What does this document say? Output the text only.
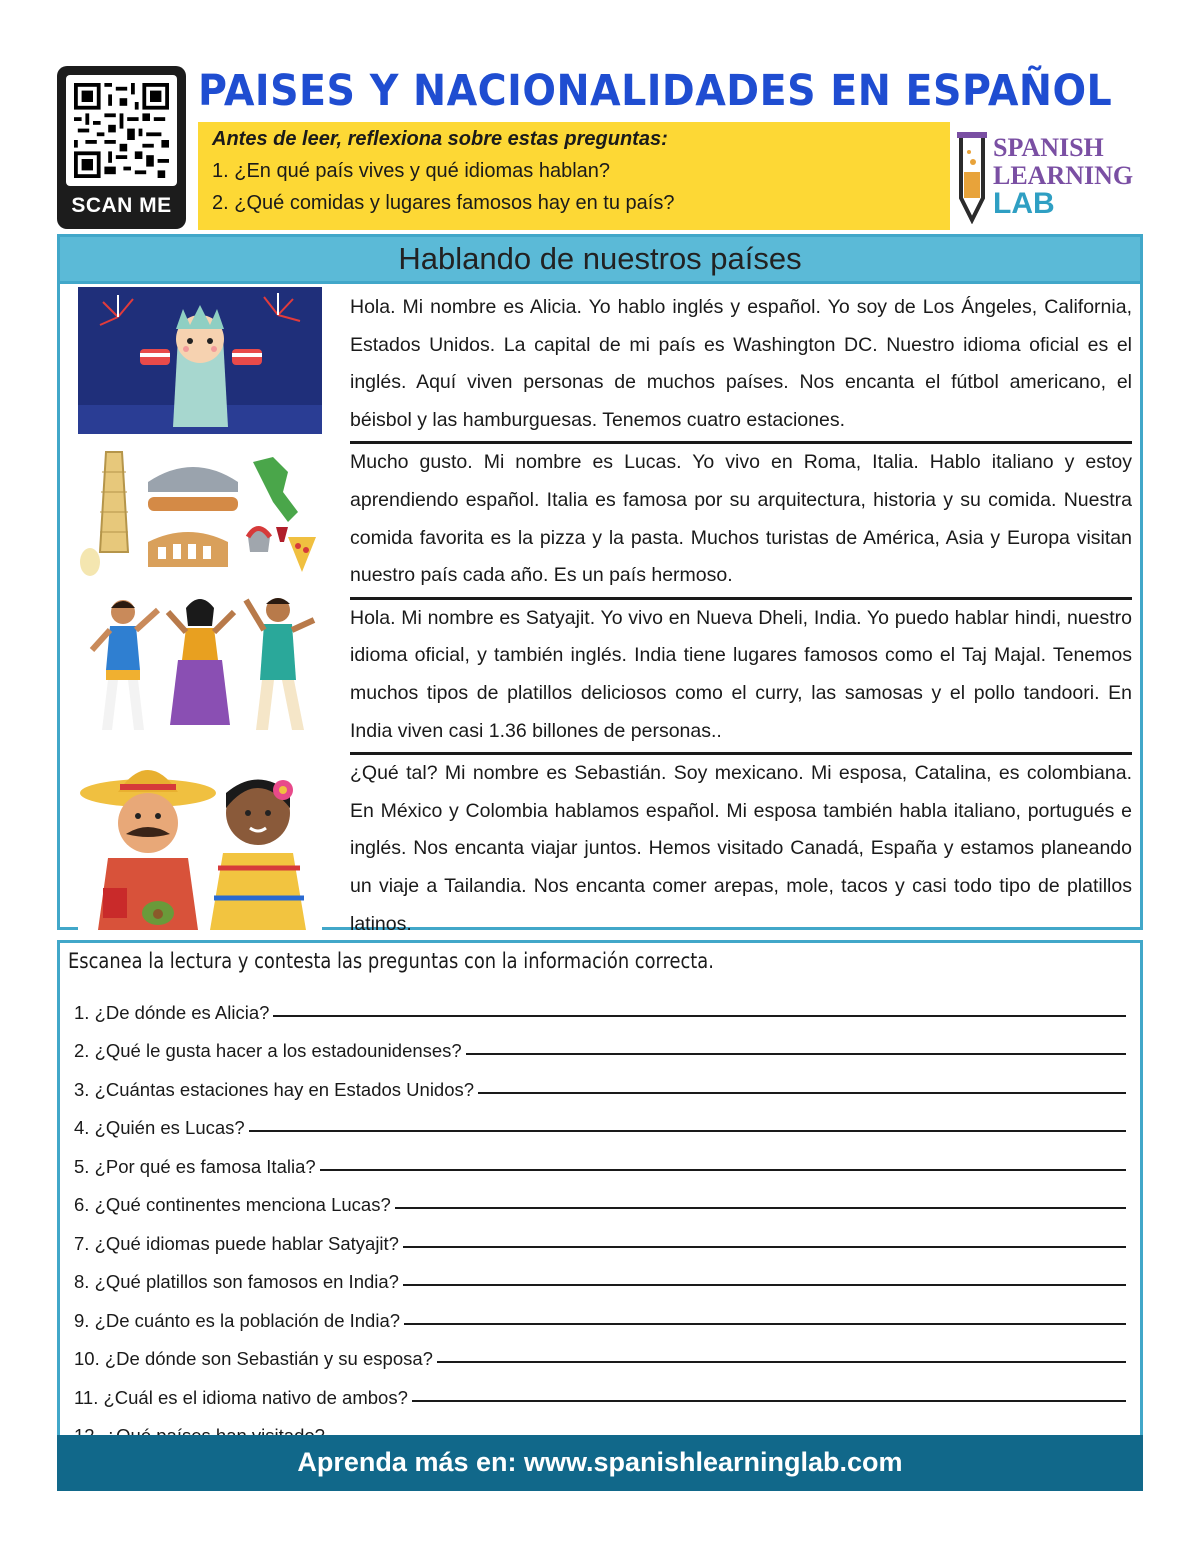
SCAN ME
PAISES Y NACIONALIDADES EN ESPAÑOL
Antes de leer, reflexiona sobre estas preguntas:
1. ¿En qué país vives y qué idiomas hablan?
2. ¿Qué comidas y lugares famosos hay en tu país?
SPANISH
LEARNING
LAB
Hablando de nuestros países

Hola. Mi nombre es Alicia. Yo hablo inglés y español. Yo soy de Los Ángeles, California, Estados Unidos. La capital de mi país es Washington DC. Nuestro idioma oficial es el inglés. Aquí viven personas de muchos países. Nos encanta el fútbol americano, el béisbol y las hamburguesas. Tenemos cuatro estaciones.

Mucho gusto. Mi nombre es Lucas. Yo vivo en Roma, Italia. Hablo italiano y estoy aprendiendo español. Italia es famosa por su arquitectura, historia y su comida. Nuestra comida favorita es la pizza y la pasta. Muchos turistas de América, Asia y Europa visitan nuestro país cada año. Es un país hermoso.

Hola. Mi nombre es Satyajit. Yo vivo en Nueva Dheli, India. Yo puedo hablar hindi, nuestro idioma oficial, y también inglés. India tiene lugares famosos como el Taj Majal. Tenemos muchos tipos de platillos deliciosos como el curry, las samosas y el pollo tandoori. En India viven casi 1.36 billones de personas..

¿Qué tal? Mi nombre es Sebastián. Soy mexicano. Mi esposa, Catalina, es colombiana. En México y Colombia hablamos español. Mi esposa también habla italiano, portugués e inglés. Nos encanta viajar juntos. Hemos visitado Canadá, España y estamos planeando un viaje a Tailandia. Nos encanta comer arepas, mole, tacos y casi todo tipo de platillos latinos.

Escanea la lectura y contesta las preguntas con la información correcta.
1. ¿De dónde es Alicia?
2. ¿Qué le gusta hacer a los estadounidenses?
3. ¿Cuántas estaciones hay en Estados Unidos?
4. ¿Quién es Lucas?
5. ¿Por qué es famosa Italia?
6. ¿Qué continentes menciona Lucas?
7. ¿Qué idiomas puede hablar Satyajit?
8. ¿Qué platillos son famosos en India?
9. ¿De cuánto es la población de India?
10. ¿De dónde son Sebastián y su esposa?
11. ¿Cuál es el idioma nativo de ambos?
Aprenda más en: www.spanishlearninglab.com
